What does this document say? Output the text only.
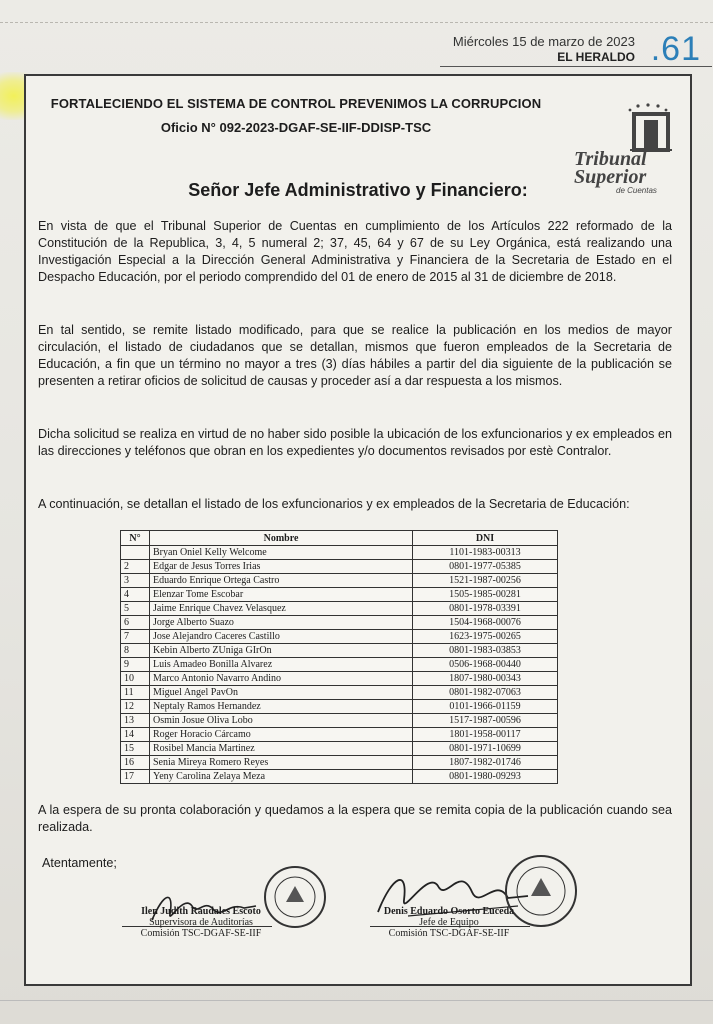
Miércoles 15 de marzo de 2023
EL HERALDO .61
FORTALECIENDO EL SISTEMA DE CONTROL PREVENIMOS LA CORRUPCION
Oficio N° 092-2023-DGAF-SE-IIF-DDISP-TSC
Tribunal
Superior
de Cuentas
Señor Jefe Administrativo y Financiero:
En vista de que el Tribunal Superior de Cuentas en cumplimiento de los Artículos 222 reformado de la Constitución de la Republica, 3, 4, 5 numeral 2; 37, 45, 64 y 67 de su Ley Orgánica, está realizando una Investigación Especial a la Dirección General Administrativa y Financiera de la Secretaria de Estado en el Despacho Educación, por el periodo comprendido del 01 de enero de 2015 al 31 de diciembre de 2018.
En tal sentido, se remite listado modificado, para que se realice la publicación en los medios de mayor circulación, el listado de ciudadanos que se detallan, mismos que fueron empleados de la Secretaria de Educación, a fin que un término no mayor a tres (3) días hábiles a partir del dia siguiente de la publicación se presenten a retirar oficios de solicitud de causas y proceder así a dar respuesta a los mismos.
Dicha solicitud se realiza en virtud de no haber sido posible la ubicación de los exfuncionarios y ex empleados en las direcciones y teléfonos que obran en los expedientes y/o documentos revisados por estè Contralor.
A continuación, se detallan el listado de los exfuncionarios y ex empleados de la Secretaria de Educación:
N°	Nombre	DNI
	Bryan Oniel Kelly Welcome	1101-1983-00313
2	Edgar de Jesus Torres Irias	0801-1977-05385
3	Eduardo Enrique Ortega Castro	1521-1987-00256
4	Elenzar Tome Escobar	1505-1985-00281
5	Jaime Enrique Chavez Velasquez	0801-1978-03391
6	Jorge Alberto Suazo	1504-1968-00076
7	Jose Alejandro Caceres Castillo	1623-1975-00265
8	Kebin Alberto ZUniga GIrOn	0801-1983-03853
9	Luis Amadeo Bonilla Alvarez	0506-1968-00440
10	Marco Antonio Navarro Andino	1807-1980-00343
11	Miguel Angel PavOn	0801-1982-07063
12	Neptaly Ramos Hernandez	0101-1966-01159
13	Osmin Josue Oliva Lobo	1517-1987-00596
14	Roger Horacio Cárcamo	1801-1958-00117
15	Rosibel Mancia Martinez	0801-1971-10699
16	Senia Mireya Romero Reyes	1807-1982-01746
17	Yeny Carolina Zelaya Meza	0801-1980-09293
A la espera de su pronta colaboración y quedamos a la espera que se remita copia de la publicación cuando sea realizada.
Atentamente;
Ilen Judith Raudales Escoto
Supervisora de Auditorías
Comisión TSC-DGAF-SE-IIF
Denis Eduardo Osorto Euceda
Jefe de Equipo
Comisión TSC-DGAF-SE-IIF
